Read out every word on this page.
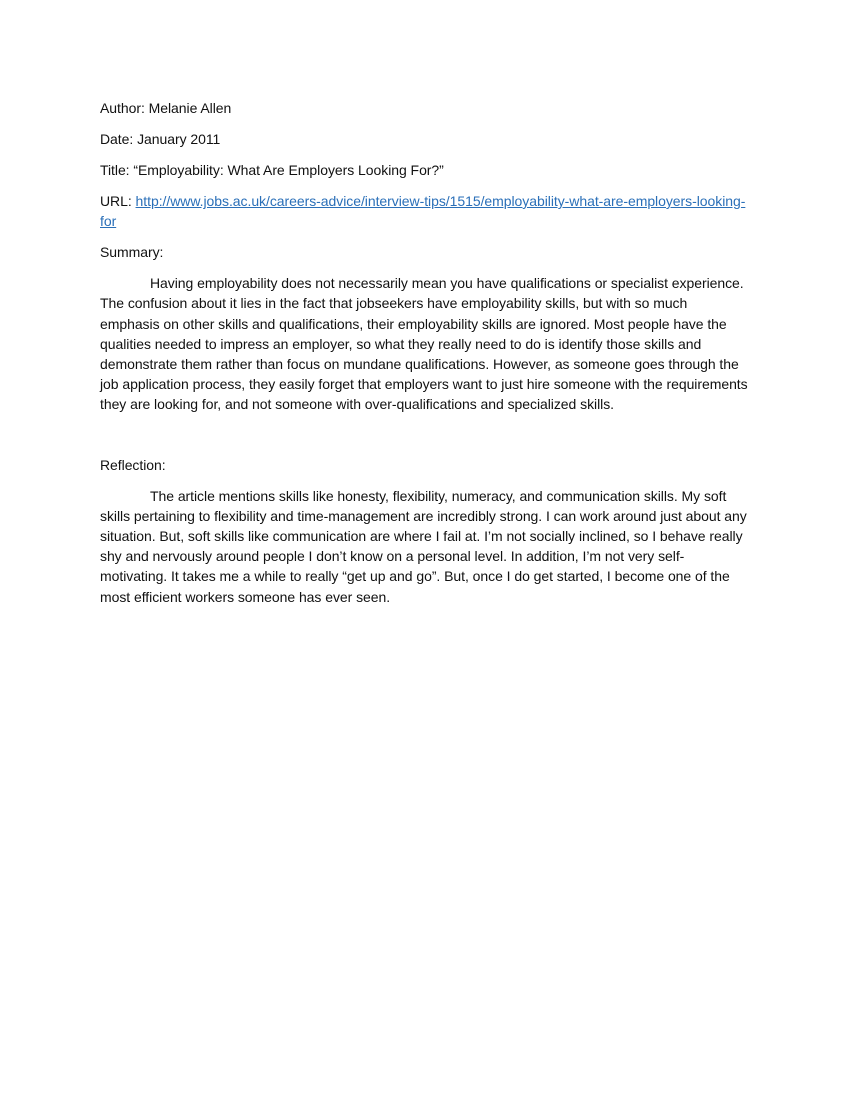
Author: Melanie Allen
Date: January 2011
Title: “Employability: What Are Employers Looking For?”
URL: http://www.jobs.ac.uk/careers-advice/interview-tips/1515/employability-what-are-employers-looking-for
Summary:

Having employability does not necessarily mean you have qualifications or specialist experience. The confusion about it lies in the fact that jobseekers have employability skills, but with so much emphasis on other skills and qualifications, their employability skills are ignored. Most people have the qualities needed to impress an employer, so what they really need to do is identify those skills and demonstrate them rather than focus on mundane qualifications. However, as someone goes through the job application process, they easily forget that employers want to just hire someone with the requirements they are looking for, and not someone with over-qualifications and specialized skills.

Reflection:

The article mentions skills like honesty, flexibility, numeracy, and communication skills. My soft skills pertaining to flexibility and time-management are incredibly strong. I can work around just about any situation. But, soft skills like communication are where I fail at. I’m not socially inclined, so I behave really shy and nervously around people I don’t know on a personal level. In addition, I’m not very self-motivating. It takes me a while to really “get up and go”. But, once I do get started, I become one of the most efficient workers someone has ever seen.
